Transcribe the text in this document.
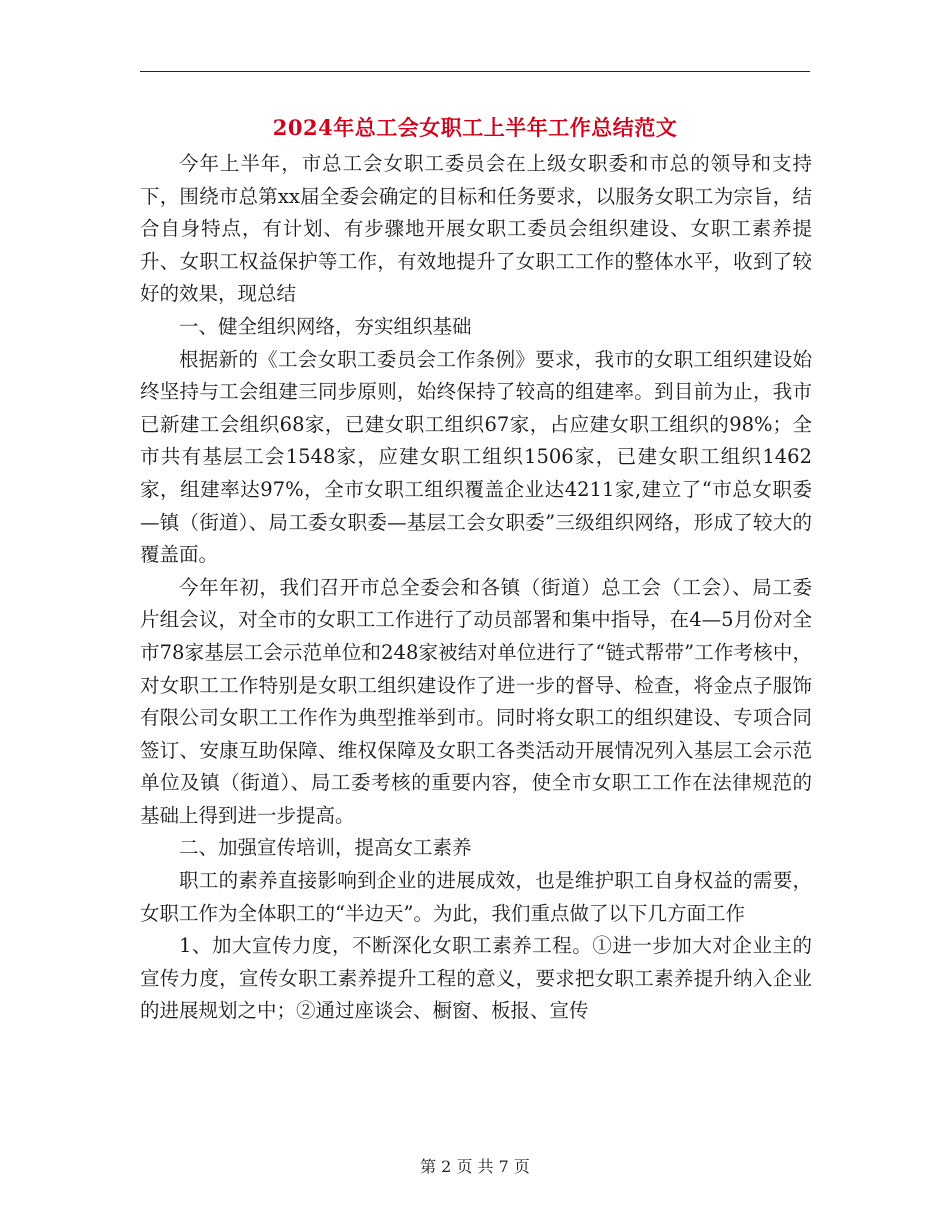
2024年总工会女职工上半年工作总结范文

今年上半年，市总工会女职工委员会在上级女职委和市总的领导和支持下，围绕市总第xx届全委会确定的目标和任务要求，以服务女职工为宗旨，结合自身特点，有计划、有步骤地开展女职工委员会组织建设、女职工素养提升、女职工权益保护等工作，有效地提升了女职工工作的整体水平，收到了较好的效果，现总结

一、健全组织网络，夯实组织基础

根据新的《工会女职工委员会工作条例》要求，我市的女职工组织建设始终坚持与工会组建三同步原则，始终保持了较高的组建率。到目前为止，我市已新建工会组织68家，已建女职工组织67家，占应建女职工组织的98%；全市共有基层工会1548家，应建女职工组织1506家，已建女职工组织1462家，组建率达97%，全市女职工组织覆盖企业达4211家,建立了“市总女职委—镇（街道）、局工委女职委—基层工会女职委”三级组织网络，形成了较大的覆盖面。

今年年初，我们召开市总全委会和各镇（街道）总工会（工会）、局工委片组会议，对全市的女职工工作进行了动员部署和集中指导，在4—5月份对全市78家基层工会示范单位和248家被结对单位进行了“链式帮带”工作考核中，对女职工工作特别是女职工组织建设作了进一步的督导、检查，将金点子服饰有限公司女职工工作作为典型推举到市。同时将女职工的组织建设、专项合同签订、安康互助保障、维权保障及女职工各类活动开展情况列入基层工会示范单位及镇（街道）、局工委考核的重要内容，使全市女职工工作在法律规范的基础上得到进一步提高。

二、加强宣传培训，提高女工素养

职工的素养直接影响到企业的进展成效，也是维护职工自身权益的需要，女职工作为全体职工的“半边天”。为此，我们重点做了以下几方面工作

1、加大宣传力度，不断深化女职工素养工程。①进一步加大对企业主的宣传力度，宣传女职工素养提升工程的意义，要求把女职工素养提升纳入企业的进展规划之中；②通过座谈会、橱窗、板报、宣传

第 2 页 共 7 页
